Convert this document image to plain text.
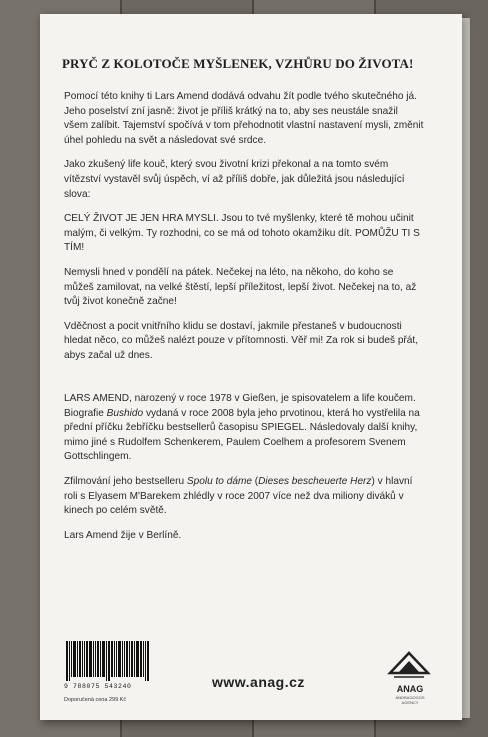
PRYČ Z KOLOTOČE MYŠLENEK, VZHŮRU DO ŽIVOTA!

Pomocí této knihy ti Lars Amend dodává odvahu žít podle tvého skutečného já. Jeho poselství zní jasně: život je příliš krátký na to, aby ses neustále snažil všem zalíbit. Tajemství spočívá v tom přehodnotit vlastní nastavení mysli, změnit úhel pohledu na svět a následovat své srdce.

Jako zkušený life kouč, který svou životní krizi překonal a na tomto svém vítězství vystavěl svůj úspěch, ví až příliš dobře, jak důležitá jsou následující slova:

CELÝ ŽIVOT JE JEN HRA MYSLI. Jsou to tvé myšlenky, které tě mohou učinit malým, či velkým. Ty rozhodni, co se má od tohoto okamžiku dít. POMŮŽU TI S TÍM!

Nemysli hned v pondělí na pátek. Nečekej na léto, na někoho, do koho se můžeš zamilovat, na velké štěstí, lepší příležitost, lepší život. Nečekej na to, až tvůj život konečně začne!

Vděčnost a pocit vnitřního klidu se dostaví, jakmile přestaneš v budoucnosti hledat něco, co můžeš nalézt pouze v přítomnosti. Věř mi! Za rok si budeš přát, abys začal už dnes.

LARS AMEND, narozený v roce 1978 v Gießen, je spisovatelem a life koučem. Biografie Bushido vydaná v roce 2008 byla jeho prvotinou, která ho vystřelila na přední příčku žebříčku bestsellerů časopisu SPIEGEL. Následovaly další knihy, mimo jiné s Rudolfem Schenkerem, Paulem Coelhem a profesorem Svenem Gottschlingem.

Zfilmování jeho bestselleru Spolu to dáme (Dieses bescheuerte Herz) v hlavní roli s Elyasem M'Barekem zhlédly v roce 2007 více než dva miliony diváků v kinech po celém světě.

Lars Amend žije v Berlíně.

9 788075 543240
Doporučená cena 299 Kč
www.anag.cz	ANAG
ANDRAGOGOS
AGENCY
